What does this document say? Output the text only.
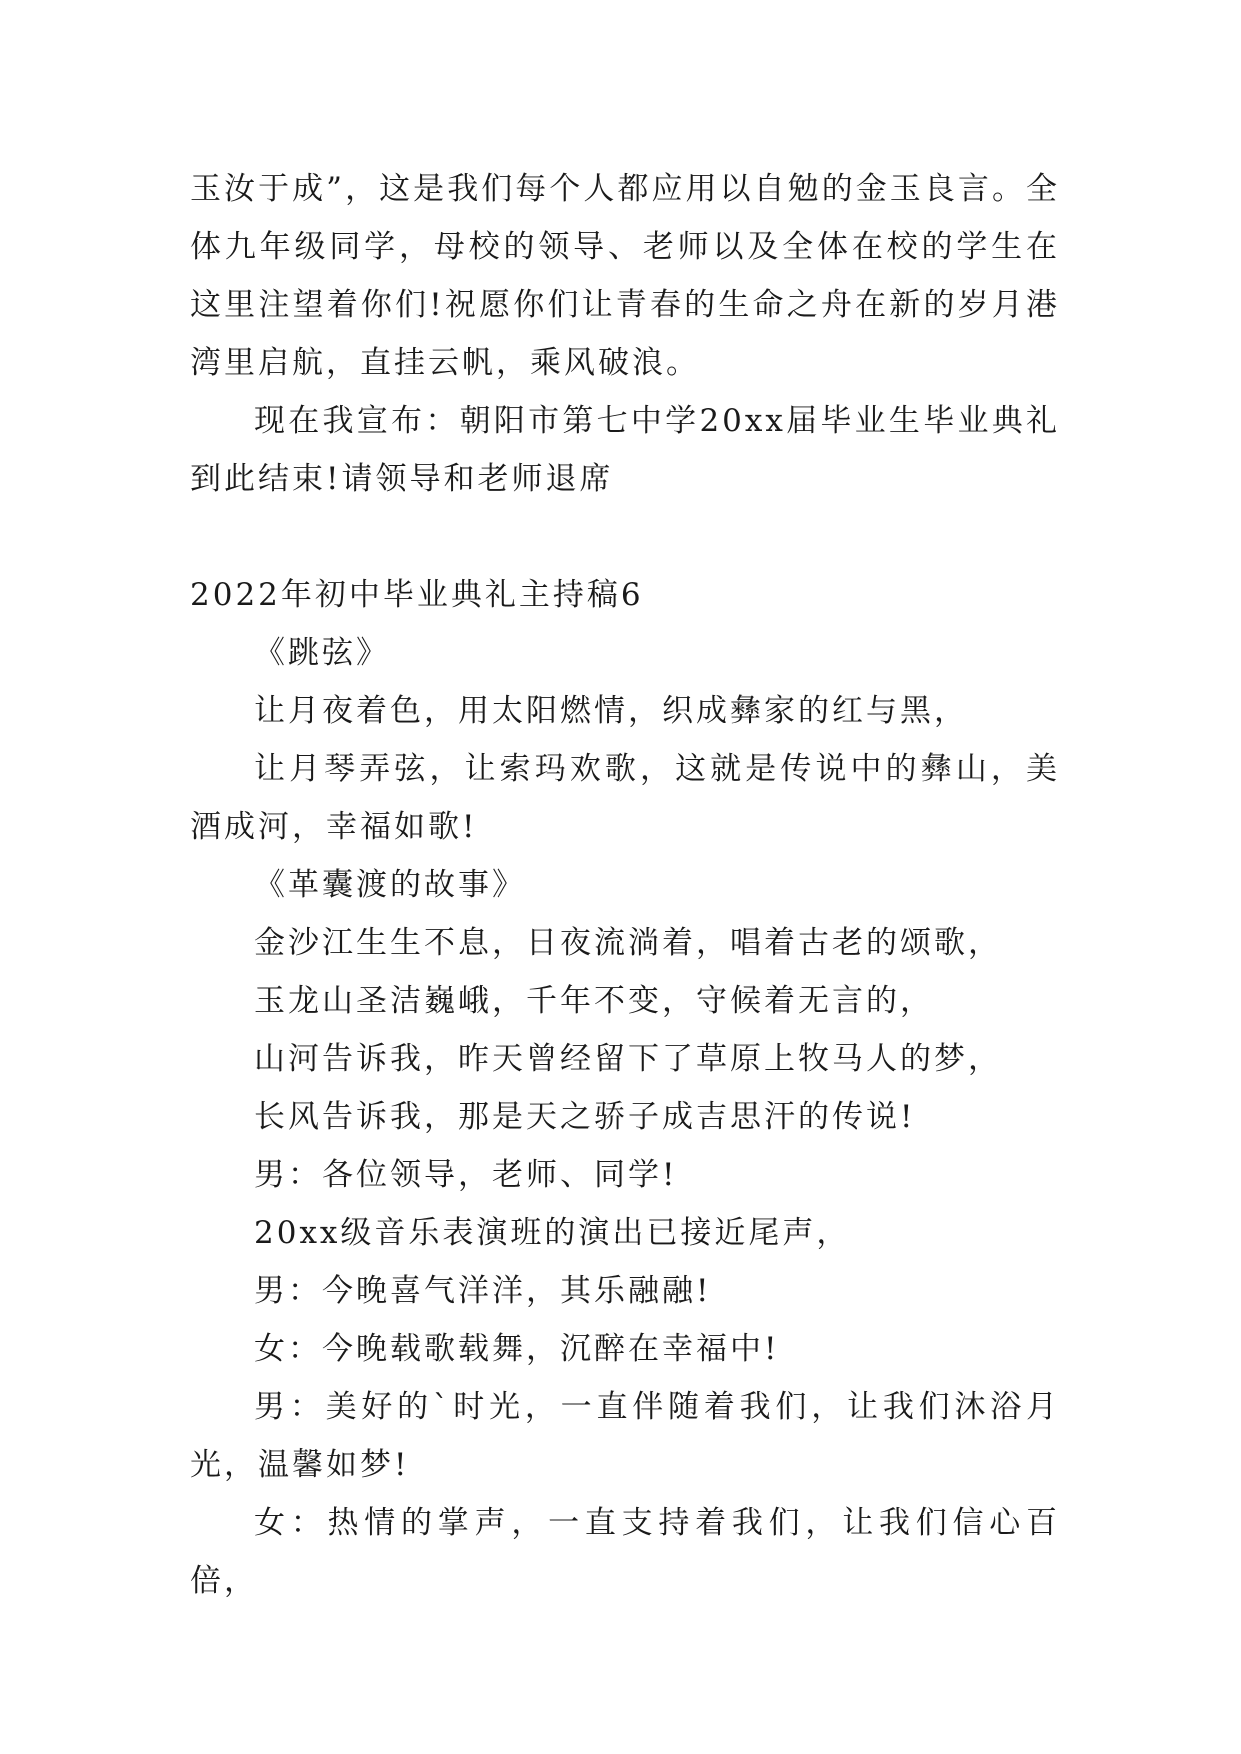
玉汝于成”，这是我们每个人都应用以自勉的金玉良言。全体九年级同学，母校的领导、老师以及全体在校的学生在这里注望着你们!祝愿你们让青春的生命之舟在新的岁月港湾里启航，直挂云帆，乘风破浪。

现在我宣布：朝阳市第七中学20xx届毕业生毕业典礼到此结束!请领导和老师退席

2022年初中毕业典礼主持稿6

《跳弦》

让月夜着色，用太阳燃情，织成彝家的红与黑，

让月琴弄弦，让索玛欢歌，这就是传说中的彝山，美酒成河，幸福如歌!

《革囊渡的故事》

金沙江生生不息，日夜流淌着，唱着古老的颂歌，

玉龙山圣洁巍峨，千年不变，守候着无言的，

山河告诉我，昨天曾经留下了草原上牧马人的梦，

长风告诉我，那是天之骄子成吉思汗的传说!

男：各位领导，老师、同学!

20xx级音乐表演班的演出已接近尾声，

男：今晚喜气洋洋，其乐融融!

女：今晚载歌载舞，沉醉在幸福中!

男：美好的`时光，一直伴随着我们，让我们沐浴月光，温馨如梦!

女：热情的掌声，一直支持着我们，让我们信心百倍，
